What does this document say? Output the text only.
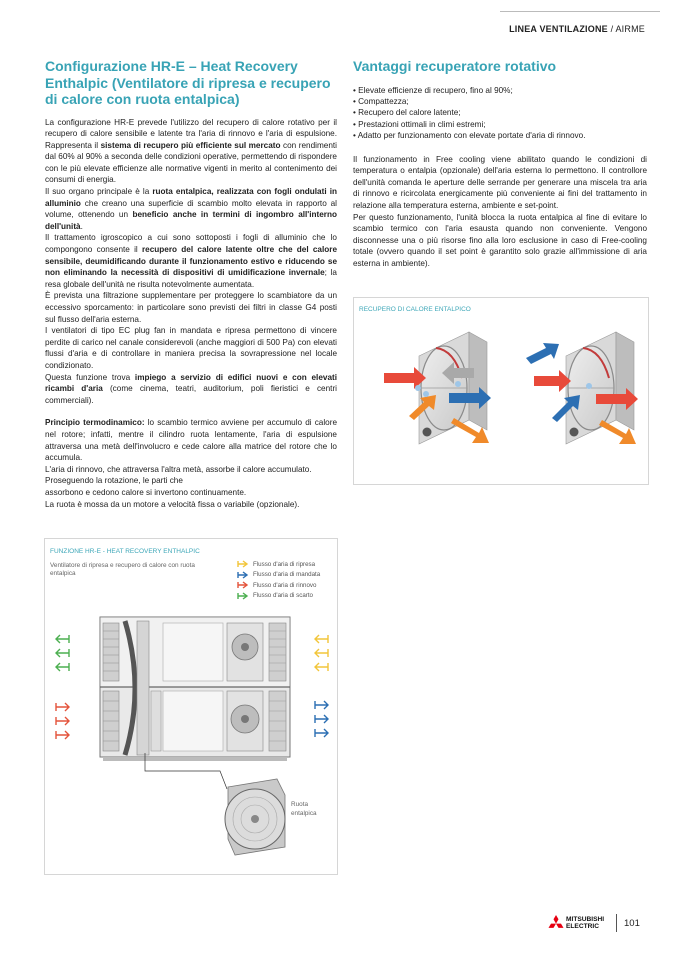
LINEA VENTILAZIONE / AIRME
Configurazione HR-E – Heat Recovery Enthalpic (Ventilatore di ripresa e recupero di calore con ruota entalpica)

La configurazione HR-E prevede l'utilizzo del recupero di calore rotativo per il recupero di calore sensibile e latente tra l'aria di rinnovo e l'aria di espulsione. Rappresenta il sistema di recupero più efficiente sul mercato con rendimenti dal 60% al 90% a seconda delle condizioni operative, permettendo di rispondere con le più elevate efficienze alle normative vigenti in merito al contenimento dei consumi di energia.

Il suo organo principale è la ruota entalpica, realizzata con fogli ondulati in alluminio che creano una superficie di scambio molto elevata in rapporto al volume, ottenendo un beneficio anche in termini di ingombro all'interno dell'unità.

Il trattamento igroscopico a cui sono sottoposti i fogli di alluminio che lo compongono consente il recupero del calore latente oltre che del calore sensibile, deumidificando durante il funzionamento estivo e riducendo se non eliminando la necessità di dispositivi di umidificazione invernale; la resa globale dell'unità ne risulta notevolmente aumentata.

È prevista una filtrazione supplementare per proteggere lo scambiatore da un eccessivo sporcamento: in particolare sono previsti dei filtri in classe G4 posti sul flusso dell'aria esterna.

I ventilatori di tipo EC plug fan in mandata e ripresa permettono di vincere perdite di carico nel canale considerevoli (anche maggiori di 500 Pa) con elevati flussi d'aria e di controllare in maniera precisa la sovrapressione nel locale condizionato.

Questa funzione trova impiego a servizio di edifici nuovi e con elevati ricambi d'aria (come cinema, teatri, auditorium, poli fieristici e centri commerciali).

Principio termodinamico: lo scambio termico avviene per accumulo di calore nel rotore; infatti, mentre il cilindro ruota lentamente, l'aria di espulsione attraversa una metà dell'involucro e cede calore alla matrice del rotore che lo accumula.

L'aria di rinnovo, che attraversa l'altra metà, assorbe il calore accumulato.

Proseguendo la rotazione, le parti che

assorbono e cedono calore si invertono continuamente.

La ruota è mossa da un motore a velocità fissa o variabile (opzionale).

Vantaggi recuperatore rotativo
• Elevate efficienze di recupero, fino al 90%;
• Compattezza;
• Recupero del calore latente;
• Prestazioni ottimali in climi estremi;
• Adatto per funzionamento con elevate portate d'aria di rinnovo.

Il funzionamento in Free cooling viene abilitato quando le condizioni di temperatura o entalpia (opzionale) dell'aria esterna lo permettono. Il controllore dell'unità comanda le aperture delle serrande per generare una miscela tra aria di rinnovo e ricircolata energicamente più conveniente ai fini del trattamento in relazione alla temperatura esterna, ambiente e set-point.

Per questo funzionamento, l'unità blocca la ruota entalpica al fine di evitare lo scambio termico con l'aria esausta quando non conveniente. Vengono disconnesse una o più risorse fino alla loro esclusione in caso di Free-cooling totale (ovvero quando il set point è garantito solo grazie all'immissione di aria esterna in ambiente).

RECUPERO DI CALORE ENTALPICO
FUNZIONE HR-E - HEAT RECOVERY ENTHALPIC
Ventilatore di ripresa e recupero di calore con ruota entalpica
Flusso d'aria di ripresa
Flusso d'aria di mandata
Flusso d'aria di rinnovo
Flusso d'aria di scarto
Ruota entalpica
MITSUBISHI
ELECTRIC	101
